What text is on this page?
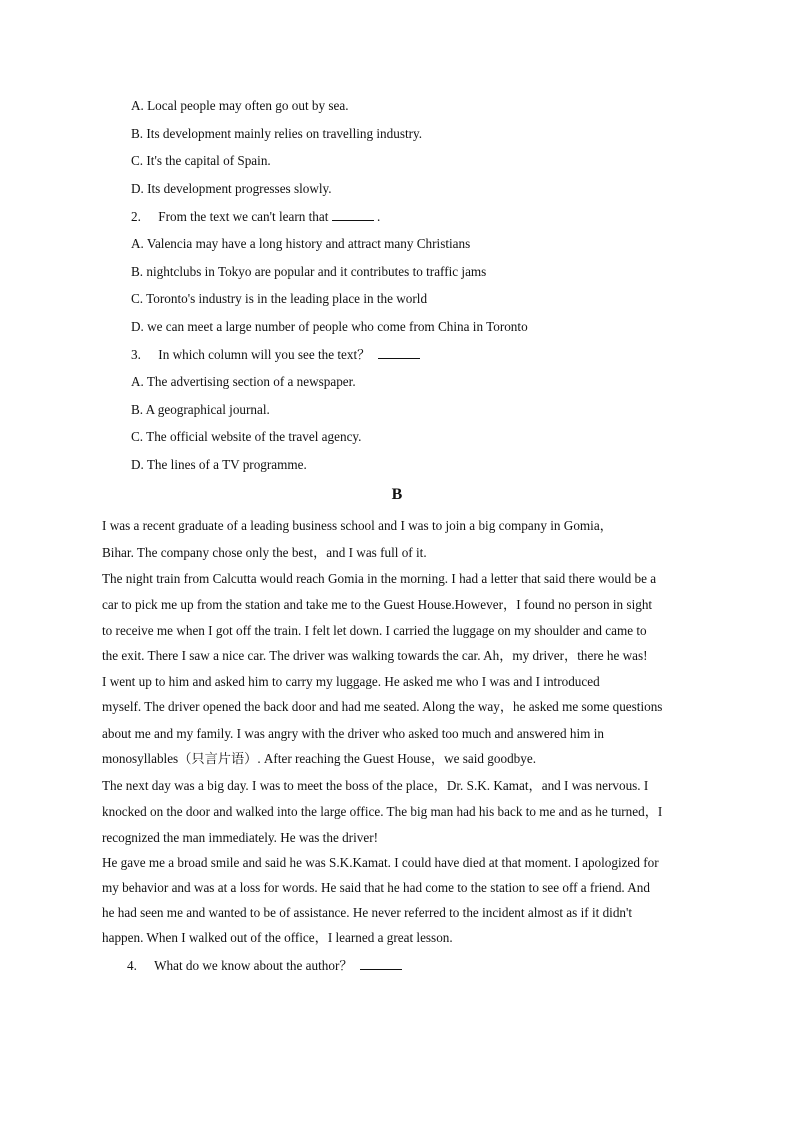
A. Local people may often go out by sea.
B. Its development mainly relies on travelling industry.
C. It's the capital of Spain.
D. Its development progresses slowly.
2. From the text we can't learn that	.
A. Valencia may have a long history and attract many Christians
B. nightclubs in Tokyo are popular and it contributes to traffic jams
C. Toronto's industry is in the leading place in the world
D. we can meet a large number of people who come from China in Toronto
3. In which column will you see the text？
A. The advertising section of a newspaper.
B. A geographical journal.
C. The official website of the travel agency.
D. The lines of a TV programme.
B
I was a recent graduate of a leading business school and I was to join a big company in Gomia，
Bihar. The company chose only the best，and I was full of it.
The night train from Calcutta would reach Gomia in the morning. I had a letter that said there would be a
car to pick me up from the station and take me to the Guest House.However，I found no person in sight
to receive me when I got off the train. I felt let down. I carried the luggage on my shoulder and came to
the exit. There I saw a nice car. The driver was walking towards the car. Ah，my driver，there he was!
I went up to him and asked him to carry my luggage. He asked me who I was and I introduced
myself. The driver opened the back door and had me seated. Along the way，he asked me some questions
about me and my family. I was angry with the driver who asked too much and answered him in
monosyllables（只言片语）. After reaching the Guest House，we said goodbye.
The next day was a big day. I was to meet the boss of the place，Dr. S.K. Kamat，and I was nervous. I
knocked on the door and walked into the large office. The big man had his back to me and as he turned，I
recognized the man immediately. He was the driver!
He gave me a broad smile and said he was S.K.Kamat. I could have died at that moment. I apologized for
my behavior and was at a loss for words. He said that he had come to the station to see off a friend. And
he had seen me and wanted to be of assistance. He never referred to the incident almost as if it didn't
happen. When I walked out of the office，I learned a great lesson.
4. What do we know about the author？
